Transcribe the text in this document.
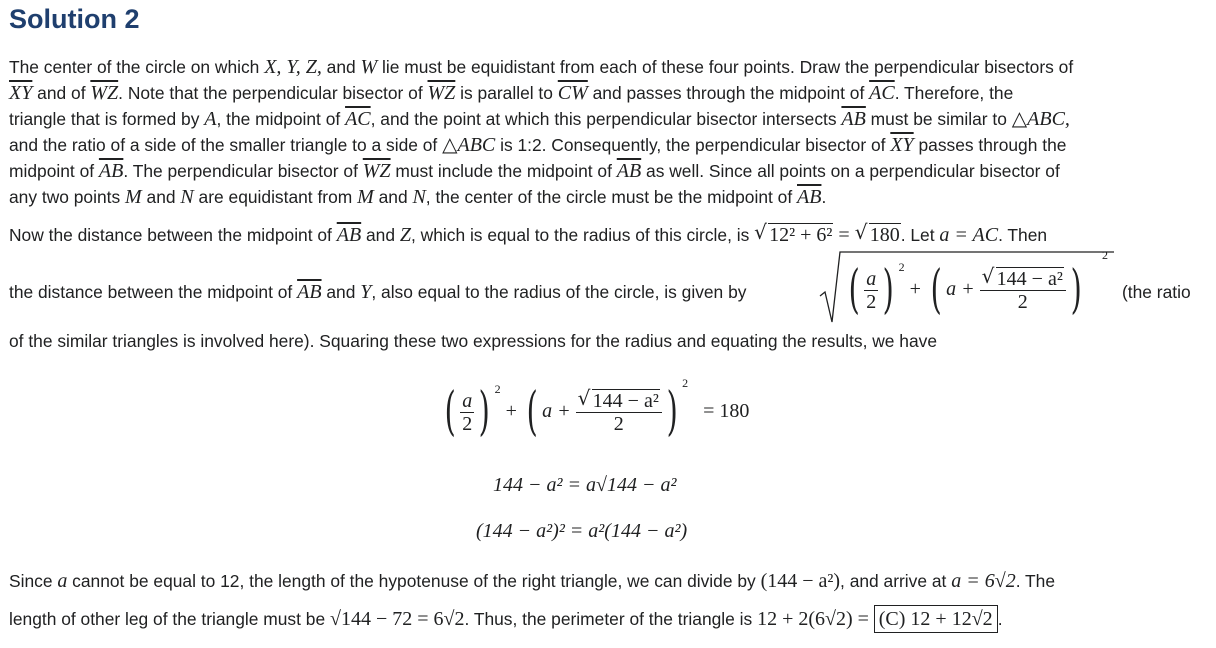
Solution 2
The center of the circle on which X, Y, Z, and W lie must be equidistant from each of these four points. Draw the perpendicular bisectors of
$\overline{XY}$ and of $\overline{WZ}$. Note that the perpendicular bisector of $\overline{WZ}$ is parallel to $\overline{CW}$ and passes through the midpoint of $\overline{AC}$. Therefore, the
triangle that is formed by A, the midpoint of $\overline{AC}$, and the point at which this perpendicular bisector intersects $\overline{AB}$ must be similar to △ABC,
and the ratio of a side of the smaller triangle to a side of △ABC is 1:2. Consequently, the perpendicular bisector of $\overline{XY}$ passes through the
midpoint of $\overline{AB}$. The perpendicular bisector of $\overline{WZ}$ must include the midpoint of $\overline{AB}$ as well. Since all points on a perpendicular bisector of
any two points M and N are equidistant from M and N, the center of the circle must be the midpoint of $\overline{AB}$.
Now the distance between the midpoint of $\overline{AB}$ and Z, which is equal to the radius of this circle, is √ 12² + 6² = √ 180. Let a = AC. Then
the distance between the midpoint of $\overline{AB}$ and Y, also equal to the radius of the circle, is given by ( $\frac{a}{2}$ ) $^2$ + ( a + √ $\frac{\text{144 − a²}}{2}$ )
2
(the ratio
of the similar triangles is involved here). Squaring these two expressions for the radius and equating the results, we have
( $\frac{a}{2}$ ) $^2$ + ( a + √ $\frac{\text{144 − a²}}{2}$ ) $^2$   = 180
144 − a² = a√144 − a²
(144 − a²)² = a²(144 − a²)
Since a cannot be equal to 12, the length of the hypotenuse of the right triangle, we can divide by (144 − a²), and arrive at a = 6√2. The
length of other leg of the triangle must be √144 − 72 = 6√2. Thus, the perimeter of the triangle is 12 + 2(6√2) = (C) 12 + 12√2 .
